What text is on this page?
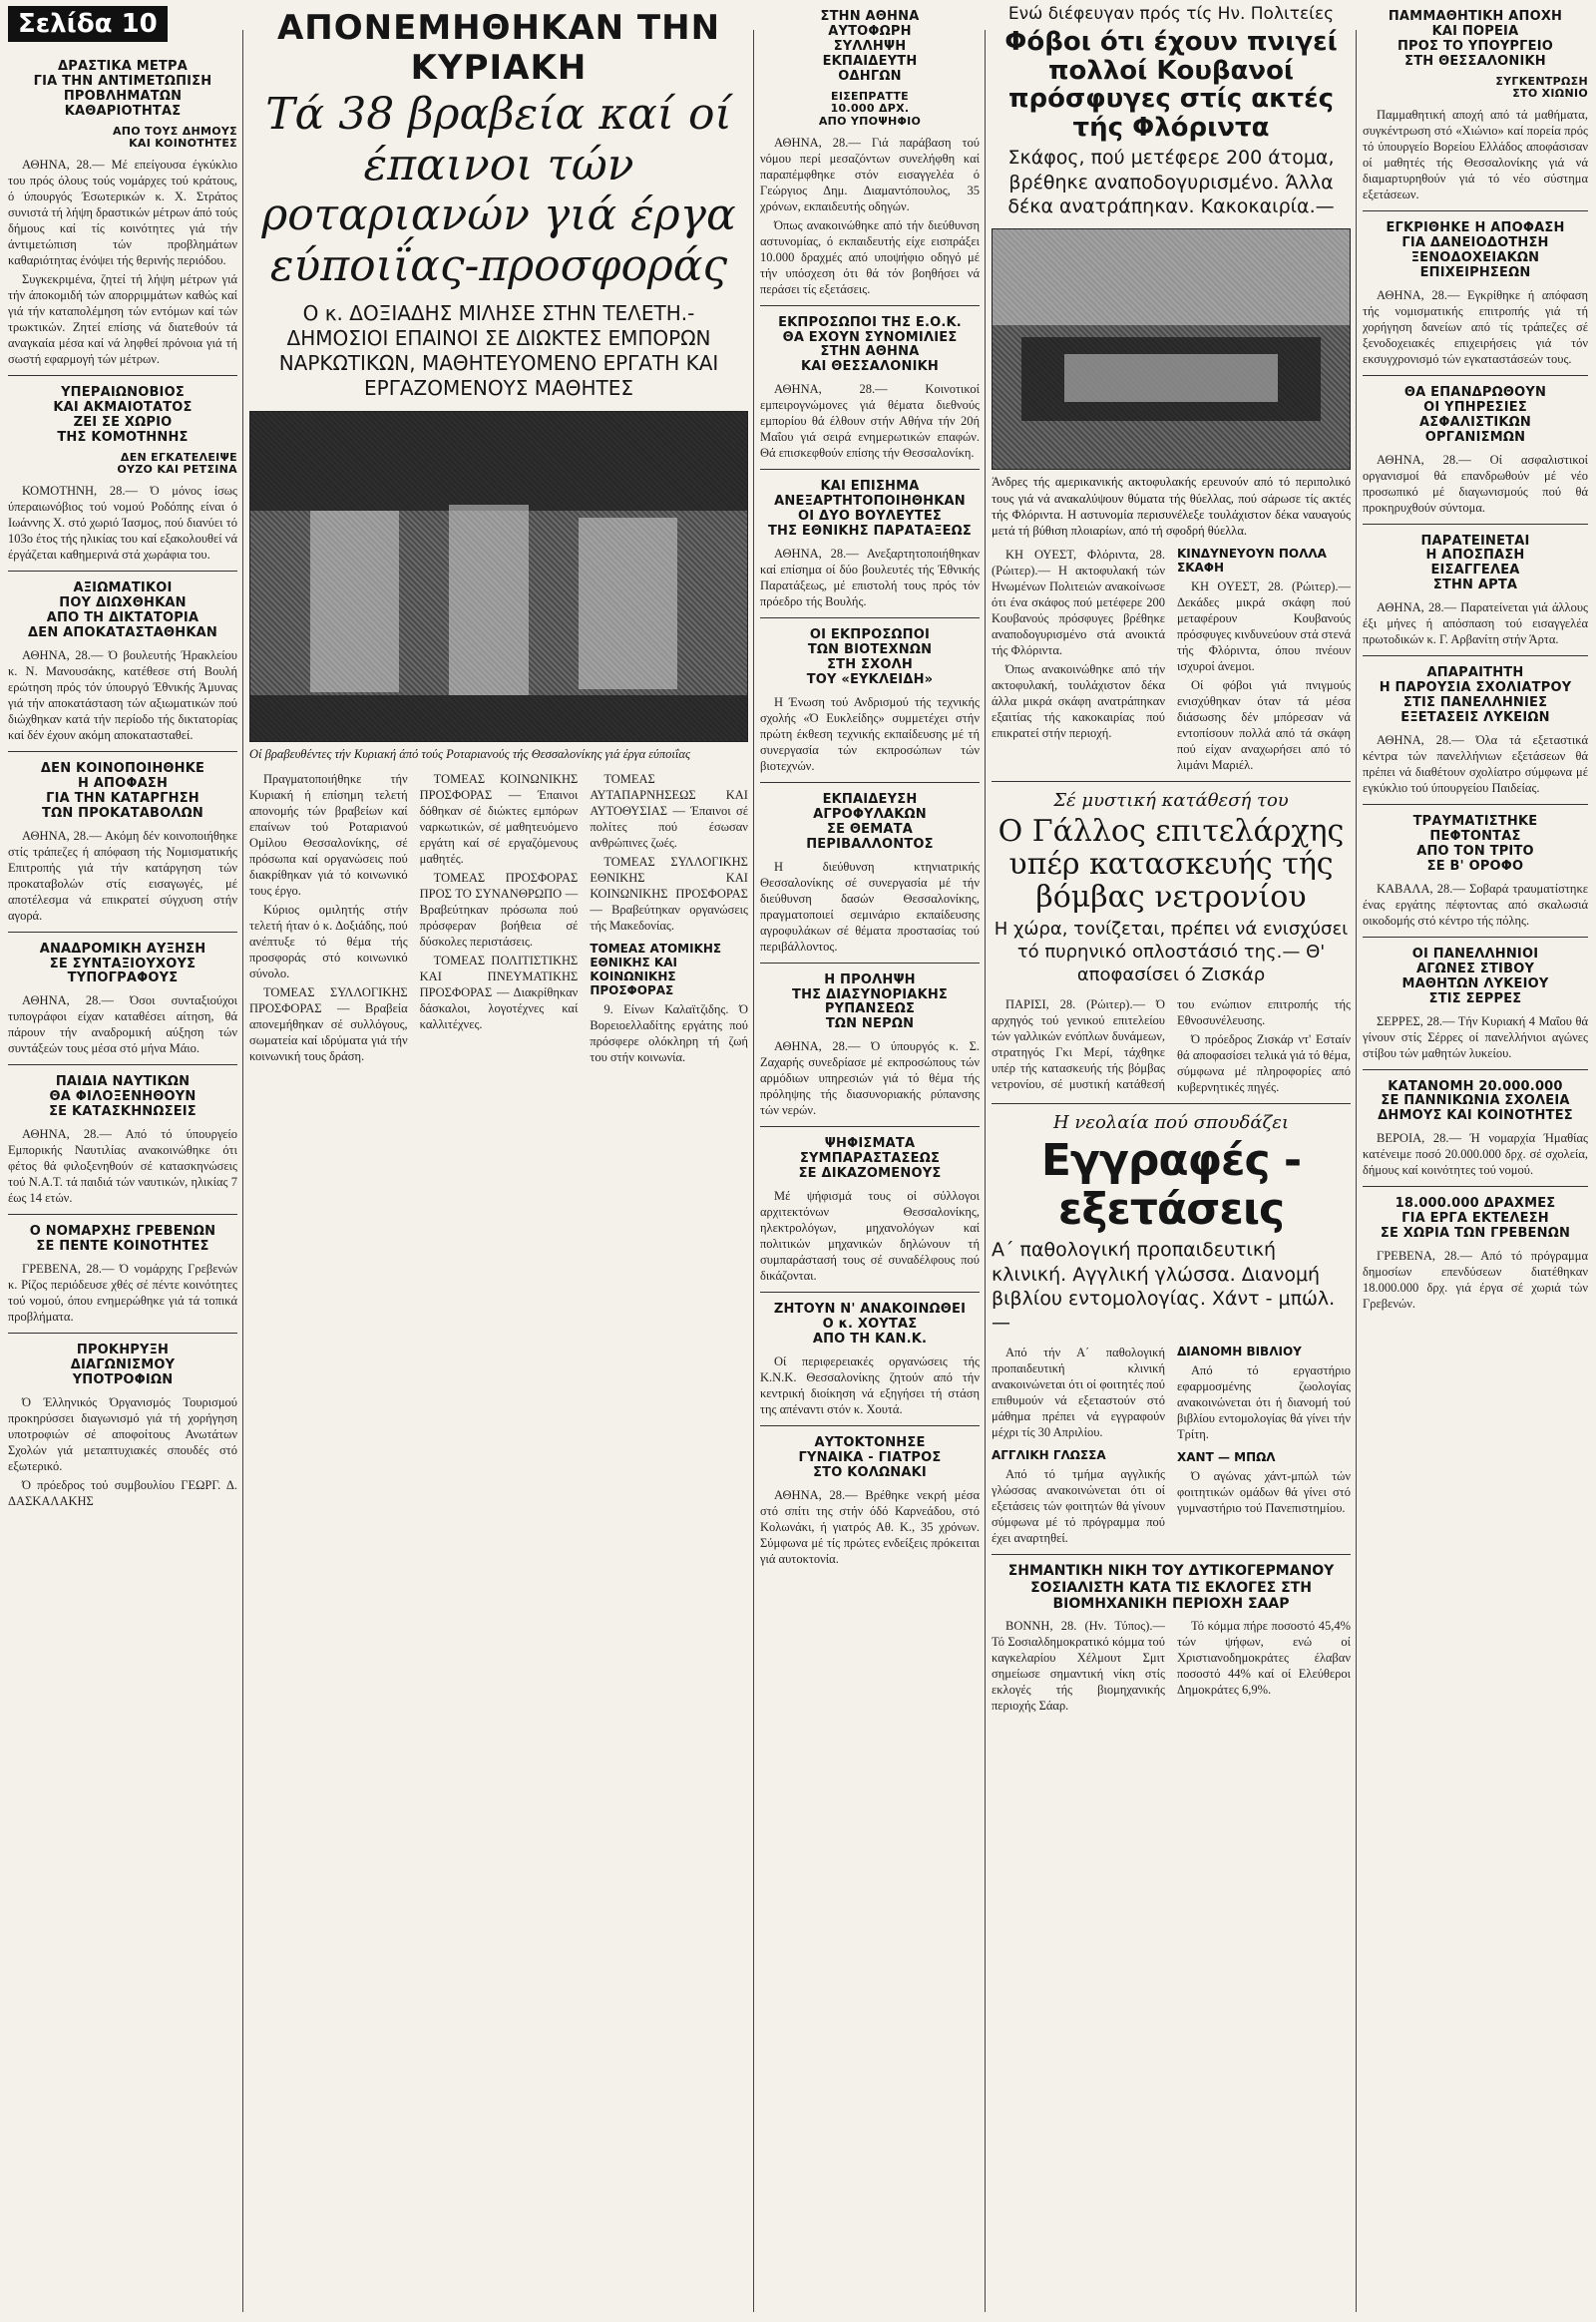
Σελίδα 10
ΔΡΑΣΤΙΚΑ ΜΕΤΡΑ
ΓΙΑ ΤΗΝ ΑΝΤΙΜΕΤΩΠΙΣΗ
ΠΡΟΒΛΗΜΑΤΩΝ
ΚΑΘΑΡΙΟΤΗΤΑΣ
ΑΠΟ ΤΟΥΣ ΔΗΜΟΥΣ
ΚΑΙ ΚΟΙΝΟΤΗΤΕΣ

ΑΘΗΝΑ, 28.— Μέ επείγουσα έγκύκλιο του πρός όλους τούς νομάρχες τού κράτους, ό ύπουργός Έσωτερικών κ. Χ. Στράτος συνιστά τή λήψη δραστικών μέτρων άπό τούς δήμους καί τίς κοινότητες γιά τήν άντιμετώπιση τών προβλημάτων καθαριότητας ένόψει τής θερινής περιόδου.

Συγκεκριμένα, ζητεί τή λήψη μέτρων γιά τήν άποκομιδή τών απορριμμάτων καθώς καί γιά τήν καταπολέμηση τών εντόμων καί τών τρωκτικών. Ζητεί επίσης νά διατεθούν τά αναγκαία μέσα καί νά ληφθεί πρόνοια γιά τή σωστή εφαρμογή τών μέτρων.

ΥΠΕΡΑΙΩΝΟΒΙΟΣ
ΚΑΙ ΑΚΜΑΙΟΤΑΤΟΣ
ΖΕΙ ΣΕ ΧΩΡΙΟ
ΤΗΣ ΚΟΜΟΤΗΝΗΣ
ΔΕΝ ΕΓΚΑΤΕΛΕΙΨΕ
ΟΥΖΟ ΚΑΙ ΡΕΤΣΙΝΑ

ΚΟΜΟΤΗΝΗ, 28.— Ό μόνος ίσως ύπεραιωνόβιος τού νομού Ροδόπης είναι ό Ιωάννης Χ. στό χωριό Ίασμος, πού διανύει τό 103ο έτος τής ηλικίας του καί εξακολουθεί νά έργάζεται καθημερινά στά χωράφια του.

ΑΞΙΩΜΑΤΙΚΟΙ
ΠΟΥ ΔΙΩΧΘΗΚΑΝ
ΑΠΟ ΤΗ ΔΙΚΤΑΤΟΡΙΑ
ΔΕΝ ΑΠΟΚΑΤΑΣΤΑΘΗΚΑΝ

ΑΘΗΝΑ, 28.— Ό βουλευτής Ήρακλείου κ. Ν. Μανουσάκης, κατέθεσε στή Βουλή ερώτηση πρός τόν ύπουργό Έθνικής Άμυνας γιά τήν αποκατάσταση τών αξιωματικών πού διώχθηκαν κατά τήν περίοδο τής δικτατορίας καί δέν έχουν ακόμη αποκατασταθεί.

ΔΕΝ ΚΟΙΝΟΠΟΙΗΘΗΚΕ
Η ΑΠΟΦΑΣΗ
ΓΙΑ ΤΗΝ ΚΑΤΑΡΓΗΣΗ
ΤΩΝ ΠΡΟΚΑΤΑΒΟΛΩΝ

ΑΘΗΝΑ, 28.— Ακόμη δέν κοινοποιήθηκε στίς τράπεζες ή απόφαση τής Νομισματικής Επιτροπής γιά τήν κατάργηση τών προκαταβολών στίς εισαγωγές, μέ αποτέλεσμα νά επικρατεί σύγχυση στήν αγορά.

ΑΝΑΔΡΟΜΙΚΗ ΑΥΞΗΣΗ
ΣΕ ΣΥΝΤΑΞΙΟΥΧΟΥΣ
ΤΥΠΟΓΡΑΦΟΥΣ

ΑΘΗΝΑ, 28.— Όσοι συνταξιούχοι τυπογράφοι είχαν καταθέσει αίτηση, θά πάρουν τήν αναδρομική αύξηση τών συντάξεών τους μέσα στό μήνα Μάιο.

ΠΑΙΔΙΑ ΝΑΥΤΙΚΩΝ
ΘΑ ΦΙΛΟΞΕΝΗΘΟΥΝ
ΣΕ ΚΑΤΑΣΚΗΝΩΣΕΙΣ

ΑΘΗΝΑ, 28.— Από τό ύπουργείο Εμπορικής Ναυτιλίας ανακοινώθηκε ότι φέτος θά φιλοξενηθούν σέ κατασκηνώσεις τού Ν.Α.Τ. τά παιδιά τών ναυτικών, ηλικίας 7 έως 14 ετών.

Ο ΝΟΜΑΡΧΗΣ ΓΡΕΒΕΝΩΝ
ΣΕ ΠΕΝΤΕ ΚΟΙΝΟΤΗΤΕΣ

ΓΡΕΒΕΝΑ, 28.— Ό νομάρχης Γρεβενών κ. Ρίζος περιόδευσε χθές σέ πέντε κοινότητες τού νομού, όπου ενημερώθηκε γιά τά τοπικά προβλήματα.

ΠΡΟΚΗΡΥΞΗ
ΔΙΑΓΩΝΙΣΜΟΥ
ΥΠΟΤΡΟΦΙΩΝ

Ό Έλληνικός Όργανισμός Τουρισμού προκηρύσσει διαγωνισμό γιά τή χορήγηση υποτροφιών σέ αποφοίτους Ανωτάτων Σχολών γιά μεταπτυχιακές σπουδές στό εξωτερικό.

Ό πρόεδρος τού συμβουλίου ΓΕΩΡΓ. Δ. ΔΑΣΚΑΛΑΚΗΣ

ΑΠΟΝΕΜΗΘΗΚΑΝ ΤΗΝ ΚΥΡΙΑΚΗ
Τά 38 βραβεία καί οί έπαινοι τών ροταριανών γιά έργα εύποιΐας-προσφοράς
Ο κ. ΔΟΞΙΑΔΗΣ ΜΙΛΗΣΕ ΣΤΗΝ ΤΕΛΕΤΗ.- ΔΗΜΟΣΙΟΙ ΕΠΑΙΝΟΙ ΣΕ ΔΙΩΚΤΕΣ ΕΜΠΟΡΩΝ ΝΑΡΚΩΤΙΚΩΝ, ΜΑΘΗΤΕΥΟΜΕΝΟ ΕΡΓΑΤΗ ΚΑΙ ΕΡΓΑΖΟΜΕΝΟΥΣ ΜΑΘΗΤΕΣ
Οί βραβευθέντες τήν Κυριακή άπό τούς Ροταριανούς τής Θεσσαλονίκης γιά έργα εύποιΐας

Πραγματοποιήθηκε τήν Κυριακή ή επίσημη τελετή απονομής τών βραβείων καί επαίνων τού Ροταριανού Ομίλου Θεσσαλονίκης, σέ πρόσωπα καί οργανώσεις πού διακρίθηκαν γιά τό κοινωνικό τους έργο.

Κύριος ομιλητής στήν τελετή ήταν ό κ. Δοξιάδης, πού ανέπτυξε τό θέμα τής προσφοράς στό κοινωνικό σύνολο.

ΤΟΜΕΑΣ ΣΥΛΛΟΓΙΚΗΣ ΠΡΟΣΦΟΡΑΣ — Βραβεία απονεμήθηκαν σέ συλλόγους, σωματεία καί ιδρύματα γιά τήν κοινωνική τους δράση.

ΤΟΜΕΑΣ ΚΟΙΝΩΝΙΚΗΣ ΠΡΟΣΦΟΡΑΣ — Έπαινοι δόθηκαν σέ διώκτες εμπόρων ναρκωτικών, σέ μαθητευόμενο εργάτη καί σέ εργαζόμενους μαθητές.

ΤΟΜΕΑΣ ΠΡΟΣΦΟΡΑΣ ΠΡΟΣ ΤΟ ΣΥΝΑΝΘΡΩΠΟ — Βραβεύτηκαν πρόσωπα πού πρόσφεραν βοήθεια σέ δύσκολες περιστάσεις.

ΤΟΜΕΑΣ ΠΟΛΙΤΙΣΤΙΚΗΣ ΚΑΙ ΠΝΕΥΜΑΤΙΚΗΣ ΠΡΟΣΦΟΡΑΣ — Διακρίθηκαν δάσκαλοι, λογοτέχνες καί καλλιτέχνες.

ΤΟΜΕΑΣ ΑΥΤΑΠΑΡΝΗΣΕΩΣ ΚΑΙ ΑΥΤΟΘΥΣΙΑΣ — Έπαινοι σέ πολίτες πού έσωσαν ανθρώπινες ζωές.

ΤΟΜΕΑΣ ΣΥΛΛΟΓΙΚΗΣ ΕΘΝΙΚΗΣ ΚΑΙ ΚΟΙΝΩΝΙΚΗΣ ΠΡΟΣΦΟΡΑΣ — Βραβεύτηκαν οργανώσεις τής Μακεδονίας.

ΤΟΜΕΑΣ ΑΤΟΜΙΚΗΣ ΕΘΝΙΚΗΣ ΚΑΙ ΚΟΙΝΩΝΙΚΗΣ ΠΡΟΣΦΟΡΑΣ

9. Είνων Καλαϊτζιδης. Ό Βορειοελλαδίτης εργάτης πού πρόσφερε ολόκληρη τή ζωή του στήν κοινωνία.

ΣΤΗΝ ΑΘΗΝΑ
ΑΥΤΟΦΩΡΗ
ΣΥΛΛΗΨΗ
ΕΚΠΑΙΔΕΥΤΗ
ΟΔΗΓΩΝ
ΕΙΣΕΠΡΑΤΤΕ
10.000 ΔΡΧ.
ΑΠΟ ΥΠΟΨΗΦΙΟ

ΑΘΗΝΑ, 28.— Γιά παράβαση τού νόμου περί μεσαζόντων συνελήφθη καί παραπέμφθηκε στόν εισαγγελέα ό Γεώργιος Δημ. Διαμαντόπουλος, 35 χρόνων, εκπαιδευτής οδηγών.

Όπως ανακοινώθηκε από τήν διεύθυνση αστυνομίας, ό εκπαιδευτής είχε εισπράξει 10.000 δραχμές από υποψήφιο οδηγό μέ τήν υπόσχεση ότι θά τόν βοηθήσει νά περάσει τίς εξετάσεις.

ΕΚΠΡΟΣΩΠΟΙ ΤΗΣ Ε.Ο.Κ.
ΘΑ ΕΧΟΥΝ ΣΥΝΟΜΙΛΙΕΣ
ΣΤΗΝ ΑΘΗΝΑ
ΚΑΙ ΘΕΣΣΑΛΟΝΙΚΗ

ΑΘΗΝΑ, 28.— Κοινοτικοί εμπειρογνώμονες γιά θέματα διεθνούς εμπορίου θά έλθουν στήν Αθήνα τήν 20ή Μαΐου γιά σειρά ενημερωτικών επαφών. Θά επισκεφθούν επίσης τήν Θεσσαλονίκη.

ΚΑΙ ΕΠΙΣΗΜΑ
ΑΝΕΞΑΡΤΗΤΟΠΟΙΗΘΗΚΑΝ
ΟΙ ΔΥΟ ΒΟΥΛΕΥΤΕΣ
ΤΗΣ ΕΘΝΙΚΗΣ ΠΑΡΑΤΑΞΕΩΣ

ΑΘΗΝΑ, 28.— Ανεξαρτητοποιήθηκαν καί επίσημα οί δύο βουλευτές τής Έθνικής Παρατάξεως, μέ επιστολή τους πρός τόν πρόεδρο τής Βουλής.

ΟΙ ΕΚΠΡΟΣΩΠΟΙ
ΤΩΝ ΒΙΟΤΕΧΝΩΝ
ΣΤΗ ΣΧΟΛΗ
ΤΟΥ «ΕΥΚΛΕΙΔΗ»

Η Ένωση τού Ανδρισμού τής τεχνικής σχολής «Ό Ευκλείδης» συμμετέχει στήν πρώτη έκθεση τεχνικής εκπαίδευσης μέ τή συνεργασία τών εκπροσώπων τών βιοτεχνών.

ΕΚΠΑΙΔΕΥΣΗ
ΑΓΡΟΦΥΛΑΚΩΝ
ΣΕ ΘΕΜΑΤΑ
ΠΕΡΙΒΑΛΛΟΝΤΟΣ

Η διεύθυνση κτηνιατρικής Θεσσαλονίκης σέ συνεργασία μέ τήν διεύθυνση δασών Θεσσαλονίκης, πραγματοποιεί σεμινάριο εκπαίδευσης αγροφυλάκων σέ θέματα προστασίας τού περιβάλλοντος.

Η ΠΡΟΛΗΨΗ
ΤΗΣ ΔΙΑΣΥΝΟΡΙΑΚΗΣ
ΡΥΠΑΝΣΕΩΣ
ΤΩΝ ΝΕΡΩΝ

ΑΘΗΝΑ, 28.— Ό ύπουργός κ. Σ. Ζαχαρής συνεδρίασε μέ εκπροσώπους τών αρμόδιων υπηρεσιών γιά τό θέμα τής πρόληψης τής διασυνοριακής ρύπανσης τών νερών.

ΨΗΦΙΣΜΑΤΑ
ΣΥΜΠΑΡΑΣΤΑΣΕΩΣ
ΣΕ ΔΙΚΑΖΟΜΕΝΟΥΣ

Μέ ψήφισμά τους οί σύλλογοι αρχιτεκτόνων Θεσσαλονίκης, ηλεκτρολόγων, μηχανολόγων καί πολιτικών μηχανικών δηλώνουν τή συμπαράστασή τους σέ συναδέλφους πού δικάζονται.

ΖΗΤΟΥΝ Ν' ΑΝΑΚΟΙΝΩΘΕΙ
Ο κ. ΧΟΥΤΑΣ
ΑΠΟ ΤΗ ΚΑΝ.Κ.

Οί περιφερειακές οργανώσεις τής Κ.Ν.Κ. Θεσσαλονίκης ζητούν από τήν κεντρική διοίκηση νά εξηγήσει τή στάση της απέναντι στόν κ. Χουτά.

ΑΥΤΟΚΤΟΝΗΣΕ
ΓΥΝΑΙΚΑ - ΓΙΑΤΡΟΣ
ΣΤΟ ΚΟΛΩΝΑΚΙ

ΑΘΗΝΑ, 28.— Βρέθηκε νεκρή μέσα στό σπίτι της στήν όδό Καρνεάδου, στό Κολωνάκι, ή γιατρός Αθ. Κ., 35 χρόνων. Σύμφωνα μέ τίς πρώτες ενδείξεις πρόκειται γιά αυτοκτονία.

Ενώ διέφευγαν πρός τίς Ην. Πολιτείες
Φόβοι ότι έχουν πνιγεί πολλοί Κουβανοί πρόσφυγες στίς ακτές τής Φλόριντα
Σκάφος, πού μετέφερε 200 άτομα, βρέθηκε αναποδογυρισμένο. Άλλα δέκα ανατράπηκαν. Κακοκαιρία.—
Άνδρες τής αμερικανικής ακτοφυλακής ερευνούν από τό περιπολικό τους γιά νά ανακαλύψουν θύματα τής θύελλας, πού σάρωσε τίς ακτές τής Φλόριντα. Η αστυνομία περισυνέλεξε τουλάχιστον δέκα ναυαγούς μετά τή βύθιση πλοιαρίων, από τή σφοδρή θύελλα.

ΚΗ ΟΥΕΣΤ, Φλόριντα, 28. (Ρώιτερ).— Η ακτοφυλακή τών Ηνωμένων Πολιτειών ανακοίνωσε ότι ένα σκάφος πού μετέφερε 200 Κουβανούς πρόσφυγες βρέθηκε αναποδογυρισμένο στά ανοικτά τής Φλόριντα.

Όπως ανακοινώθηκε από τήν ακτοφυλακή, τουλάχιστον δέκα άλλα μικρά σκάφη ανατράπηκαν εξαιτίας τής κακοκαιρίας πού επικρατεί στήν περιοχή.

ΚΙΝΔΥΝΕΥΟΥΝ ΠΟΛΛΑ ΣΚΑΦΗ

ΚΗ ΟΥΕΣΤ, 28. (Ρώιτερ).— Δεκάδες μικρά σκάφη πού μεταφέρουν Κουβανούς πρόσφυγες κινδυνεύουν στά στενά τής Φλόριντα, όπου πνέουν ισχυροί άνεμοι.

Οί φόβοι γιά πνιγμούς ενισχύθηκαν όταν τά μέσα διάσωσης δέν μπόρεσαν νά εντοπίσουν πολλά από τά σκάφη πού είχαν αναχωρήσει από τό λιμάνι Μαριέλ.

Σέ μυστική κατάθεσή του
Ο Γάλλος επιτελάρχης υπέρ κατασκευής τής βόμβας νετρονίου
Η χώρα, τονίζεται, πρέπει νά ενισχύσει τό πυρηνικό οπλοστάσιό της.— Θ' αποφασίσει ό Ζισκάρ

ΠΑΡΙΣΙ, 28. (Ρώιτερ).— Ό αρχηγός τού γενικού επιτελείου τών γαλλικών ενόπλων δυνάμεων, στρατηγός Γκι Μερί, τάχθηκε υπέρ τής κατασκευής τής βόμβας νετρονίου, σέ μυστική κατάθεσή του ενώπιον επιτροπής τής Εθνοσυνέλευσης.

Ό πρόεδρος Ζισκάρ ντ' Εσταίν θά αποφασίσει τελικά γιά τό θέμα, σύμφωνα μέ πληροφορίες από κυβερνητικές πηγές.

Η νεολαία πού σπουδάζει
Εγγραφές - εξετάσεις
Α΄ παθολογική προπαιδευτική κλινική. Αγγλική γλώσσα. Διανομή βιβλίου εντομολογίας. Χάντ - μπώλ.—

Από τήν Α΄ παθολογική προπαιδευτική κλινική ανακοινώνεται ότι οί φοιτητές πού επιθυμούν νά εξεταστούν στό μάθημα πρέπει νά εγγραφούν μέχρι τίς 30 Απριλίου.

ΑΓΓΛΙΚΗ ΓΛΩΣΣΑ

Από τό τμήμα αγγλικής γλώσσας ανακοινώνεται ότι οί εξετάσεις τών φοιτητών θά γίνουν σύμφωνα μέ τό πρόγραμμα πού έχει αναρτηθεί.

ΔΙΑΝΟΜΗ ΒΙΒΛΙΟΥ

Από τό εργαστήριο εφαρμοσμένης ζωολογίας ανακοινώνεται ότι ή διανομή τού βιβλίου εντομολογίας θά γίνει τήν Τρίτη.

ΧΑΝΤ — ΜΠΩΛ

Ό αγώνας χάντ-μπώλ τών φοιτητικών ομάδων θά γίνει στό γυμναστήριο τού Πανεπιστημίου.

ΣΗΜΑΝΤΙΚΗ ΝΙΚΗ ΤΟΥ ΔΥΤΙΚΟΓΕΡΜΑΝΟΥ ΣΟΣΙΑΛΙΣΤΗ ΚΑΤΑ ΤΙΣ ΕΚΛΟΓΕΣ ΣΤΗ ΒΙΟΜΗΧΑΝΙΚΗ ΠΕΡΙΟΧΗ ΣΑΑΡ

ΒΟΝΝΗ, 28. (Ην. Τύπος).— Τό Σοσιαλδημοκρατικό κόμμα τού καγκελαρίου Χέλμουτ Σμιτ σημείωσε σημαντική νίκη στίς εκλογές τής βιομηχανικής περιοχής Σάαρ.

Τό κόμμα πήρε ποσοστό 45,4% τών ψήφων, ενώ οί Χριστιανοδημοκράτες έλαβαν ποσοστό 44% καί οί Ελεύθεροι Δημοκράτες 6,9%.

ΠΑΜΜΑΘΗΤΙΚΗ ΑΠΟΧΗ
ΚΑΙ ΠΟΡΕΙΑ
ΠΡΟΣ ΤΟ ΥΠΟΥΡΓΕΙΟ
ΣΤΗ ΘΕΣΣΑΛΟΝΙΚΗ
ΣΥΓΚΕΝΤΡΩΣΗ
ΣΤΟ ΧΙΩΝΙΟ

Παμμαθητική αποχή από τά μαθήματα, συγκέντρωση στό «Χιώνιο» καί πορεία πρός τό ύπουργείο Βορείου Ελλάδος αποφάσισαν οί μαθητές τής Θεσσαλονίκης γιά νά διαμαρτυρηθούν γιά τό νέο σύστημα εξετάσεων.

ΕΓΚΡΙΘΗΚΕ Η ΑΠΟΦΑΣΗ
ΓΙΑ ΔΑΝΕΙΟΔΟΤΗΣΗ
ΞΕΝΟΔΟΧΕΙΑΚΩΝ
ΕΠΙΧΕΙΡΗΣΕΩΝ

ΑΘΗΝΑ, 28.— Εγκρίθηκε ή απόφαση τής νομισματικής επιτροπής γιά τή χορήγηση δανείων από τίς τράπεζες σέ ξενοδοχειακές επιχειρήσεις γιά τόν εκσυγχρονισμό τών εγκαταστάσεών τους.

ΘΑ ΕΠΑΝΔΡΩΘΟΥΝ
ΟΙ ΥΠΗΡΕΣΙΕΣ
ΑΣΦΑΛΙΣΤΙΚΩΝ
ΟΡΓΑΝΙΣΜΩΝ

ΑΘΗΝΑ, 28.— Οί ασφαλιστικοί οργανισμοί θά επανδρωθούν μέ νέο προσωπικό μέ διαγωνισμούς πού θά προκηρυχθούν σύντομα.

ΠΑΡΑΤΕΙΝΕΤΑΙ
Η ΑΠΟΣΠΑΣΗ
ΕΙΣΑΓΓΕΛΕΑ
ΣΤΗΝ ΑΡΤΑ

ΑΘΗΝΑ, 28.— Παρατείνεται γιά άλλους έξι μήνες ή απόσπαση τού εισαγγελέα πρωτοδικών κ. Γ. Αρβανίτη στήν Άρτα.

ΑΠΑΡΑΙΤΗΤΗ
Η ΠΑΡΟΥΣΙΑ ΣΧΟΛΙΑΤΡΟΥ
ΣΤΙΣ ΠΑΝΕΛΛΗΝΙΕΣ
ΕΞΕΤΑΣΕΙΣ ΛΥΚΕΙΩΝ

ΑΘΗΝΑ, 28.— Όλα τά εξεταστικά κέντρα τών πανελλήνιων εξετάσεων θά πρέπει νά διαθέτουν σχολίατρο σύμφωνα μέ εγκύκλιο τού ύπουργείου Παιδείας.

ΤΡΑΥΜΑΤΙΣΤΗΚΕ
ΠΕΦΤΟΝΤΑΣ
ΑΠΟ ΤΟΝ ΤΡΙΤΟ
ΣΕ Β' ΟΡΟΦΟ

ΚΑΒΑΛΑ, 28.— Σοβαρά τραυματίστηκε ένας εργάτης πέφτοντας από σκαλωσιά οικοδομής στό κέντρο τής πόλης.

ΟΙ ΠΑΝΕΛΛΗΝΙΟΙ
ΑΓΩΝΕΣ ΣΤΙΒΟΥ
ΜΑΘΗΤΩΝ ΛΥΚΕΙΟΥ
ΣΤΙΣ ΣΕΡΡΕΣ

ΣΕΡΡΕΣ, 28.— Τήν Κυριακή 4 Μαΐου θά γίνουν στίς Σέρρες οί πανελλήνιοι αγώνες στίβου τών μαθητών λυκείου.

ΚΑΤΑΝΟΜΗ 20.000.000
ΣΕ ΠΑΝΝΙΚΩΝΙΑ ΣΧΟΛΕΙΑ
ΔΗΜΟΥΣ ΚΑΙ ΚΟΙΝΟΤΗΤΕΣ

ΒΕΡΟΙΑ, 28.— Ή νομαρχία Ήμαθίας κατένειμε ποσό 20.000.000 δρχ. σέ σχολεία, δήμους καί κοινότητες τού νομού.

18.000.000 ΔΡΑΧΜΕΣ
ΓΙΑ ΕΡΓΑ ΕΚΤΕΛΕΣΗ
ΣΕ ΧΩΡΙΑ ΤΩΝ ΓΡΕΒΕΝΩΝ

ΓΡΕΒΕΝΑ, 28.— Από τό πρόγραμμα δημοσίων επενδύσεων διατέθηκαν 18.000.000 δρχ. γιά έργα σέ χωριά τών Γρεβενών.
